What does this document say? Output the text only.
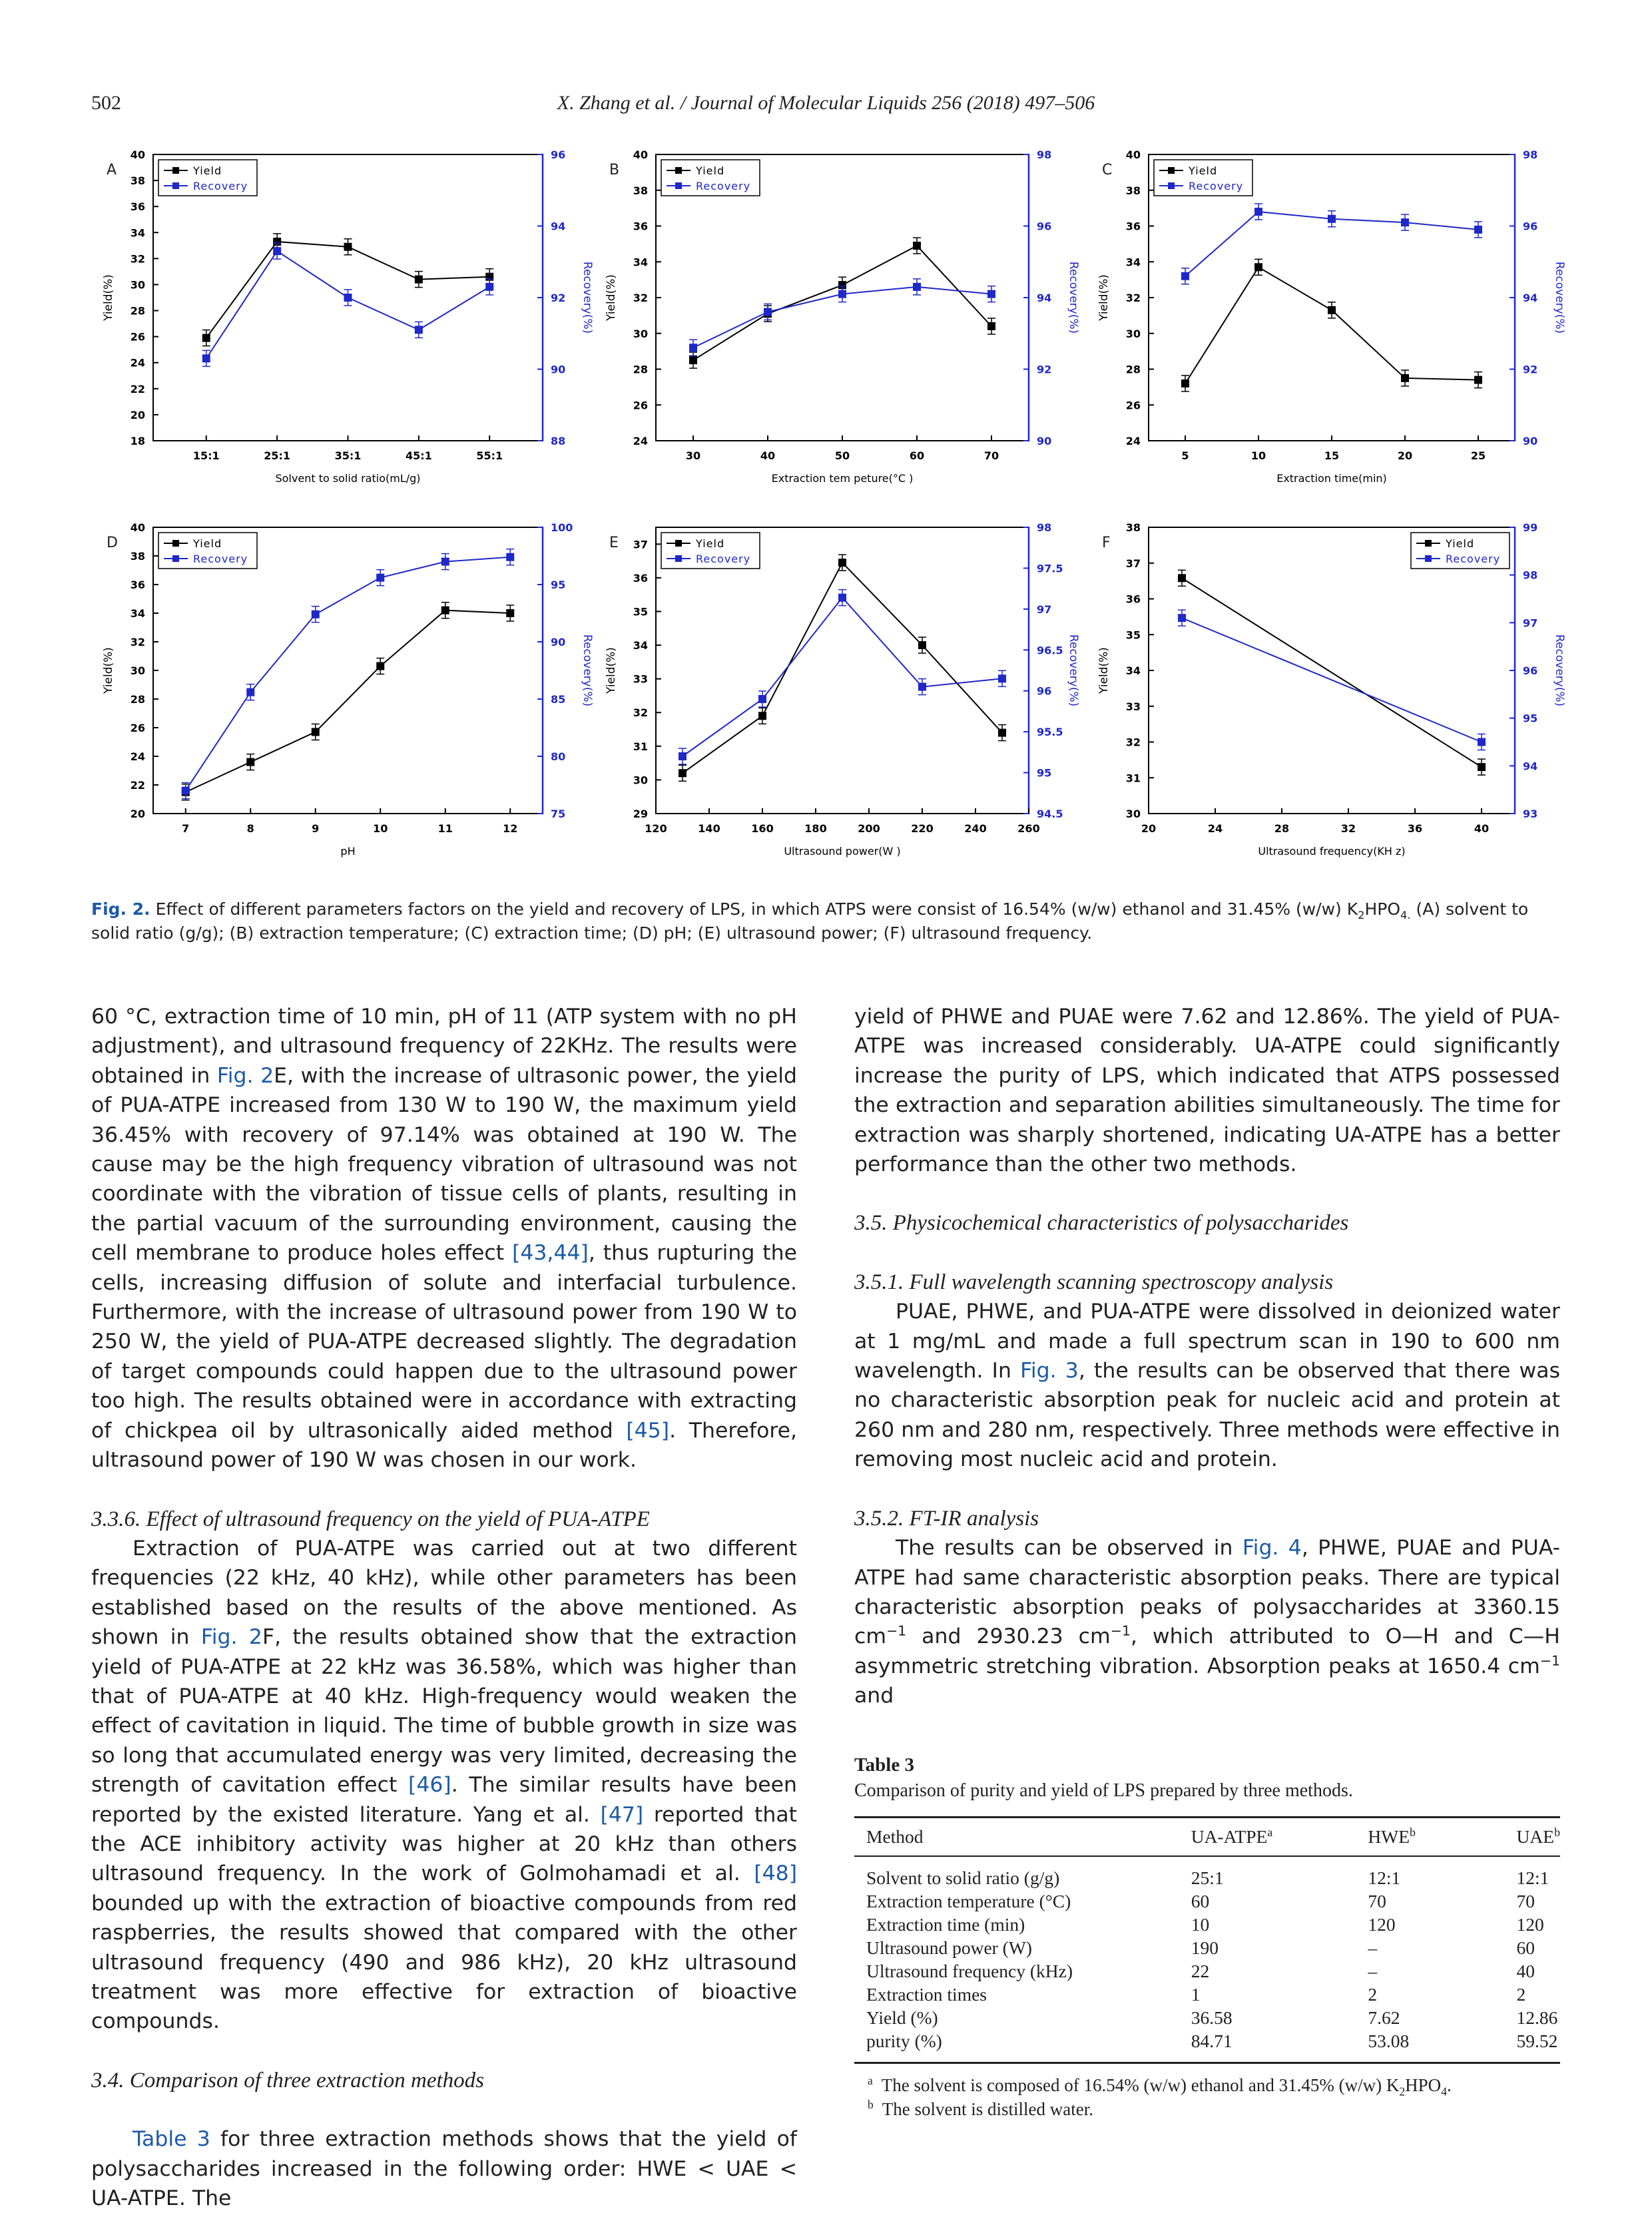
502	X. Zhang et al. / Journal of Molecular Liquids 256 (2018) 497–506
A
15:1	25:1	35:1	45:1	55:1
18
20
22
24
26
28
30
32
34
36
38
40
88
90
92
94
96
Solvent to solid ratio(mL/g)
Yield(%)	Recovery(%)
Yield
Recovery
B
30	40	50	60	70
24
26
28
30
32
34
36
38
40
90
92
94
96
98
Extraction tem peture(°C )
Yield(%)	Recovery(%)
Yield
Recovery
C
5	10	15	20	25
24
26
28
30
32
34
36
38
40
90
92
94
96
98
Extraction time(min)
Yield(%)	Recovery(%)
Yield
Recovery
D
7	8	9	10	11	12
20
22
24
26
28
30
32
34
36
38
40
75
80
85
90
95
100
pH
Yield(%)	Recovery(%)
Yield
Recovery
E
120	140	160	180	200	220	240	260
29
30
31
32
33
34
35
36
37
94.5
95
95.5
96
96.5
97
97.5
98
Ultrasound power(W )
Yield(%)	Recovery(%)
Yield
Recovery
F
20	24	28	32	36	40
30
31
32
33
34
35
36
37
38
93
94
95
96
97
98
99
Ultrasound frequency(KH z)
Yield(%)	Recovery(%)
Yield
Recovery
Fig. 2. Effect of different parameters factors on the yield and recovery of LPS, in which ATPS were consist of 16.54% (w/w) ethanol and 31.45% (w/w) $K_2HPO_{4.}$ (A) solvent to solid ratio (g/g); (B) extraction temperature; (C) extraction time; (D) pH; (E) ultrasound power; (F) ultrasound frequency.

60 °C, extraction time of 10 min, pH of 11 (ATP system with no pH adjustment), and ultrasound frequency of 22KHz. The results were obtained in Fig. 2E, with the increase of ultrasonic power, the yield of PUA-ATPE increased from 130 W to 190 W, the maximum yield 36.45% with recovery of 97.14% was obtained at 190 W. The cause may be the high frequency vibration of ultrasound was not coordinate with the vibration of tissue cells of plants, resulting in the partial vacuum of the surrounding environment, causing the cell membrane to produce holes effect [43,44], thus rupturing the cells, increasing diffusion of solute and interfacial turbulence. Furthermore, with the increase of ultrasound power from 190 W to 250 W, the yield of PUA-ATPE decreased slightly. The degradation of target compounds could happen due to the ultrasound power too high. The results obtained were in accordance with extracting of chickpea oil by ultrasonically aided method [45]. Therefore, ultrasound power of 190 W was chosen in our work.

3.3.6. Effect of ultrasound frequency on the yield of PUA-ATPE

Extraction of PUA-ATPE was carried out at two different frequencies (22 kHz, 40 kHz), while other parameters has been established based on the results of the above mentioned. As shown in Fig. 2F, the results obtained show that the extraction yield of PUA-ATPE at 22 kHz was 36.58%, which was higher than that of PUA-ATPE at 40 kHz. High-frequency would weaken the effect of cavitation in liquid. The time of bubble growth in size was so long that accumulated energy was very limited, decreasing the strength of cavitation effect [46]. The similar results have been reported by the existed literature. Yang et al. [47] reported that the ACE inhibitory activity was higher at 20 kHz than others ultrasound frequency. In the work of Golmohamadi et al. [48] bounded up with the extraction of bioactive compounds from red raspberries, the results showed that compared with the other ultrasound frequency (490 and 986 kHz), 20 kHz ultrasound treatment was more effective for extraction of bioactive compounds.

3.4. Comparison of three extraction methods

Table 3 for three extraction methods shows that the yield of polysaccharides increased in the following order: HWE < UAE < UA-ATPE. The

yield of PHWE and PUAE were 7.62 and 12.86%. The yield of PUA-ATPE was increased considerably. UA-ATPE could significantly increase the purity of LPS, which indicated that ATPS possessed the extraction and separation abilities simultaneously. The time for extraction was sharply shortened, indicating UA-ATPE has a better performance than the other two methods.

3.5. Physicochemical characteristics of polysaccharides

3.5.1. Full wavelength scanning spectroscopy analysis

PUAE, PHWE, and PUA-ATPE were dissolved in deionized water at 1 mg/mL and made a full spectrum scan in 190 to 600 nm wavelength. In Fig. 3, the results can be observed that there was no characteristic absorption peak for nucleic acid and protein at 260 nm and 280 nm, respectively. Three methods were effective in removing most nucleic acid and protein.

3.5.2. FT-IR analysis

The results can be observed in Fig. 4, PHWE, PUAE and PUA-ATPE had same characteristic absorption peaks. There are typical characteristic absorption peaks of polysaccharides at 3360.15 $cm^{-1}$ and 2930.23 $cm^{-1}$, which attributed to O—H and C—H asymmetric stretching vibration. Absorption peaks at 1650.4 $cm^{-1}$ and

Table 3
Comparison of purity and yield of LPS prepared by three methods.
Method	UA-ATPE$^a$	HWE$^b$	UAE$^b$
Solvent to solid ratio (g/g)	25:1	12:1	12:1
Extraction temperature (°C)	60	70	70
Extraction time (min)	10	120	120
Ultrasound power (W)	190	–	60
Ultrasound frequency (kHz)	22	–	40
Extraction times	1	2	2
Yield (%)	36.58	7.62	12.86
purity (%)	84.71	53.08	59.52
$^a$ The solvent is composed of 16.54% (w/w) ethanol and 31.45% (w/w) $K_2HPO_4$.
$^b$ The solvent is distilled water.
